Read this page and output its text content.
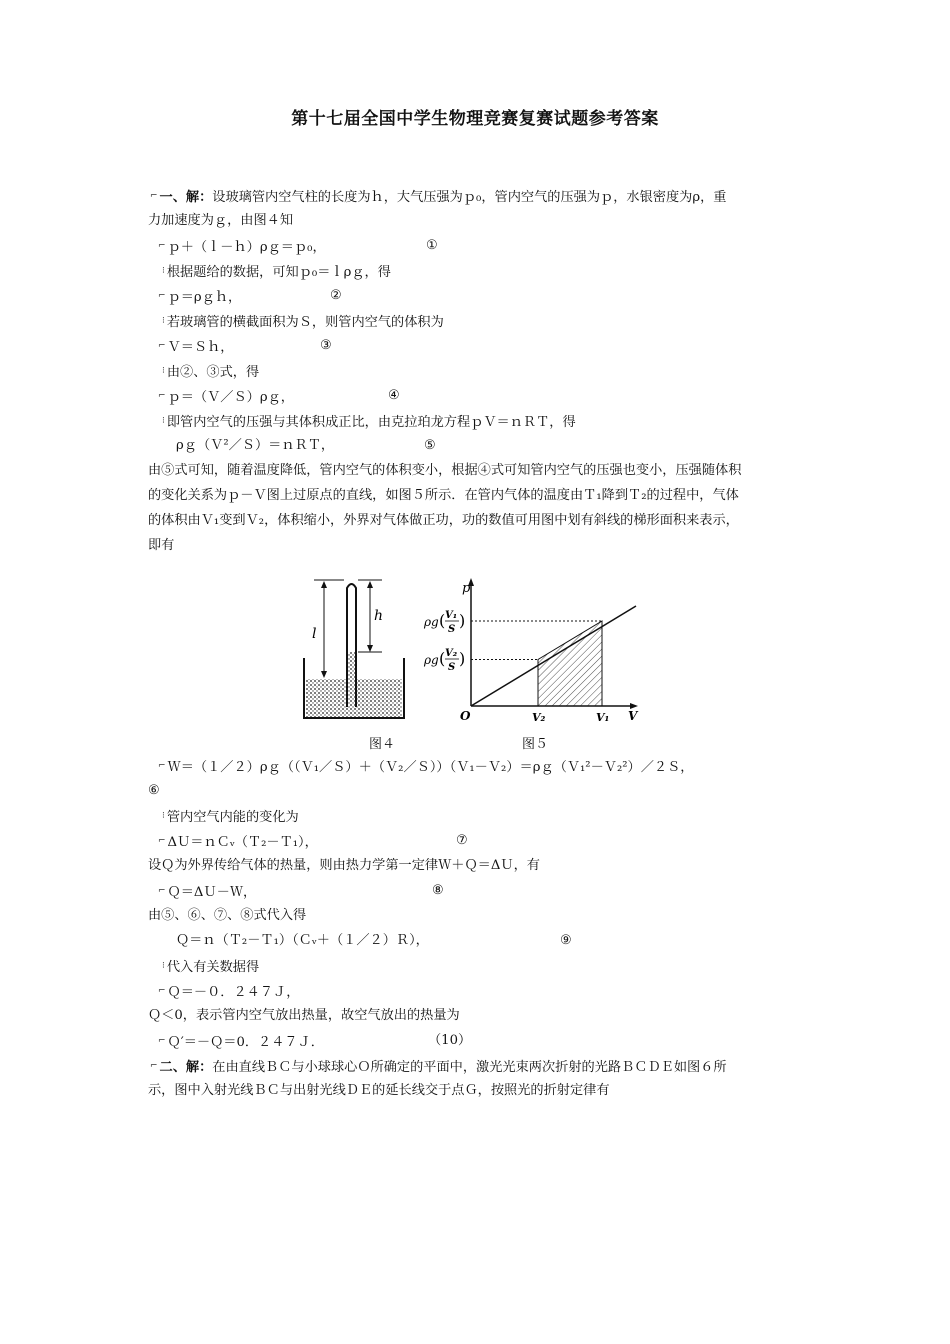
第十七届全国中学生物理竞赛复赛试题参考答案
⌐ 一、解：设玻璃管内空气柱的长度为ｈ，大气压强为ｐ₀，管内空气的压强为ｐ，水银密度为ρ，重
力加速度为ｇ，由图４知
⌐ ｐ＋（ｌ－ｈ）ρｇ＝ｐ₀，	①
⁝ 根据题给的数据，可知ｐ₀＝ｌρｇ，得
⌐ ｐ＝ρｇｈ，	②
⁝ 若玻璃管的横截面积为Ｓ，则管内空气的体积为
⌐ Ｖ＝Ｓｈ，	③
⁝ 由②、③式，得
⌐ ｐ＝（Ｖ／Ｓ）ρｇ，	④
⁝ 即管内空气的压强与其体积成正比，由克拉珀龙方程ｐＶ＝ｎＲＴ，得
ρｇ（Ｖ²／Ｓ）＝ｎＲＴ，	⑤
由⑤式可知，随着温度降低，管内空气的体积变小，根据④式可知管内空气的压强也变小，压强随体积
的变化关系为ｐ－Ｖ图上过原点的直线，如图５所示．在管内气体的温度由Ｔ₁降到Ｔ₂的过程中，气体
的体积由Ｖ₁变到Ｖ₂，体积缩小，外界对气体做正功，功的数值可用图中划有斜线的梯形面积来表示，
即有
l
h
p
V
O	V₂	V₁
ρg ( V₁
S )
ρg ( V₂
S )
图４	图５
⌐ Ｗ＝（１／２）ρｇ（（Ｖ₁／Ｓ）＋（Ｖ₂／Ｓ））（Ｖ₁－Ｖ₂）＝ρｇ（Ｖ₁²－Ｖ₂²）／２Ｓ，
⑥
⁝ 管内空气内能的变化为
⌐ ΔＵ＝ｎＣᵥ（Ｔ₂－Ｔ₁），	⑦
设Ｑ为外界传给气体的热量，则由热力学第一定律Ｗ＋Ｑ＝ΔＵ，有
⌐ Ｑ＝ΔＵ－Ｗ，	⑧
由⑤、⑥、⑦、⑧式代入得
Ｑ＝ｎ（Ｔ₂－Ｔ₁）（Ｃᵥ＋（１／２）Ｒ），	⑨
⁝ 代入有关数据得
⌐ Ｑ＝－０．２４７Ｊ，
Ｑ＜0，表示管内空气放出热量，故空气放出的热量为
⌐ Ｑ′＝－Ｑ＝0．２４７Ｊ．	（10）
⌐ 二、解：在由直线ＢＣ与小球球心Ｏ所确定的平面中，激光光束两次折射的光路ＢＣＤＥ如图６所
示，图中入射光线ＢＣ与出射光线ＤＥ的延长线交于点Ｇ，按照光的折射定律有
